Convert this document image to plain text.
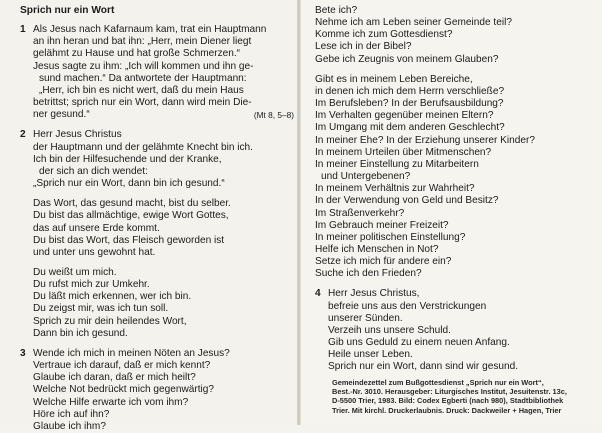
Sprich nur ein Wort

1 Als Jesus nach Kafarnaum kam, trat ein Hauptmann

an ihn heran und bat ihn: „Herr, mein Diener liegt

gelähmt zu Hause und hat große Schmerzen.“

Jesus sagte zu ihm: „Ich will kommen und ihn ge-

sund machen.“ Da antwortete der Hauptmann:

„Herr, ich bin es nicht wert, daß du mein Haus

betrittst; sprich nur ein Wort, dann wird mein Die-

ner gesund.“	(Mt 8, 5–8)

2 Herr Jesus Christus

der Hauptmann und der gelähmte Knecht bin ich.

Ich bin der Hilfesuchende und der Kranke,

der sich an dich wendet:

„Sprich nur ein Wort, dann bin ich gesund.“

Das Wort, das gesund macht, bist du selber.

Du bist das allmächtige, ewige Wort Gottes,

das auf unsere Erde kommt.

Du bist das Wort, das Fleisch geworden ist

und unter uns gewohnt hat.

Du weißt um mich.

Du rufst mich zur Umkehr.

Du läßt mich erkennen, wer ich bin.

Du zeigst mir, was ich tun soll.

Sprich zu mir dein heilendes Wort,

Dann bin ich gesund.

3 Wende ich mich in meinen Nöten an Jesus?

Vertraue ich darauf, daß er mich kennt?

Glaube ich daran, daß er mich heilt?

Welche Not bedrückt mich gegenwärtig?

Welche Hilfe erwarte ich vom ihm?

Höre ich auf ihn?

Glaube ich ihm?

Bete ich?

Nehme ich am Leben seiner Gemeinde teil?

Komme ich zum Gottesdienst?

Lese ich in der Bibel?

Gebe ich Zeugnis von meinem Glauben?

Gibt es in meinem Leben Bereiche,

in denen ich mich dem Herrn verschließe?

Im Berufsleben? In der Berufsausbildung?

Im Verhalten gegenüber meinen Eltern?

Im Umgang mit dem anderen Geschlecht?

In meiner Ehe? In der Erziehung unserer Kinder?

In meinem Urteilen über Mitmenschen?

In meiner Einstellung zu Mitarbeitern

und Untergebenen?

In meinem Verhältnis zur Wahrheit?

In der Verwendung von Geld und Besitz?

Im Straßenverkehr?

Im Gebrauch meiner Freizeit?

In meiner politischen Einstellung?

Helfe ich Menschen in Not?

Setze ich mich für andere ein?

Suche ich den Frieden?

4 Herr Jesus Christus,

befreie uns aus den Verstrickungen

unserer Sünden.

Verzeih uns unsere Schuld.

Gib uns Geduld zu einem neuen Anfang.

Heile unser Leben.

Sprich nur ein Wort, dann sind wir gesund.

Gemeindezettel zum Bußgottesdienst „Sprich nur ein Wort“,

Best.-Nr. 3010. Herausgeber: Liturgisches Institut, Jesuitenstr. 13c,

D-5500 Trier, 1983. Bild: Codex Egberti (nach 980), Stadtbibliothek

Trier. Mit kirchl. Druckerlaubnis. Druck: Dackweiler + Hagen, Trier
